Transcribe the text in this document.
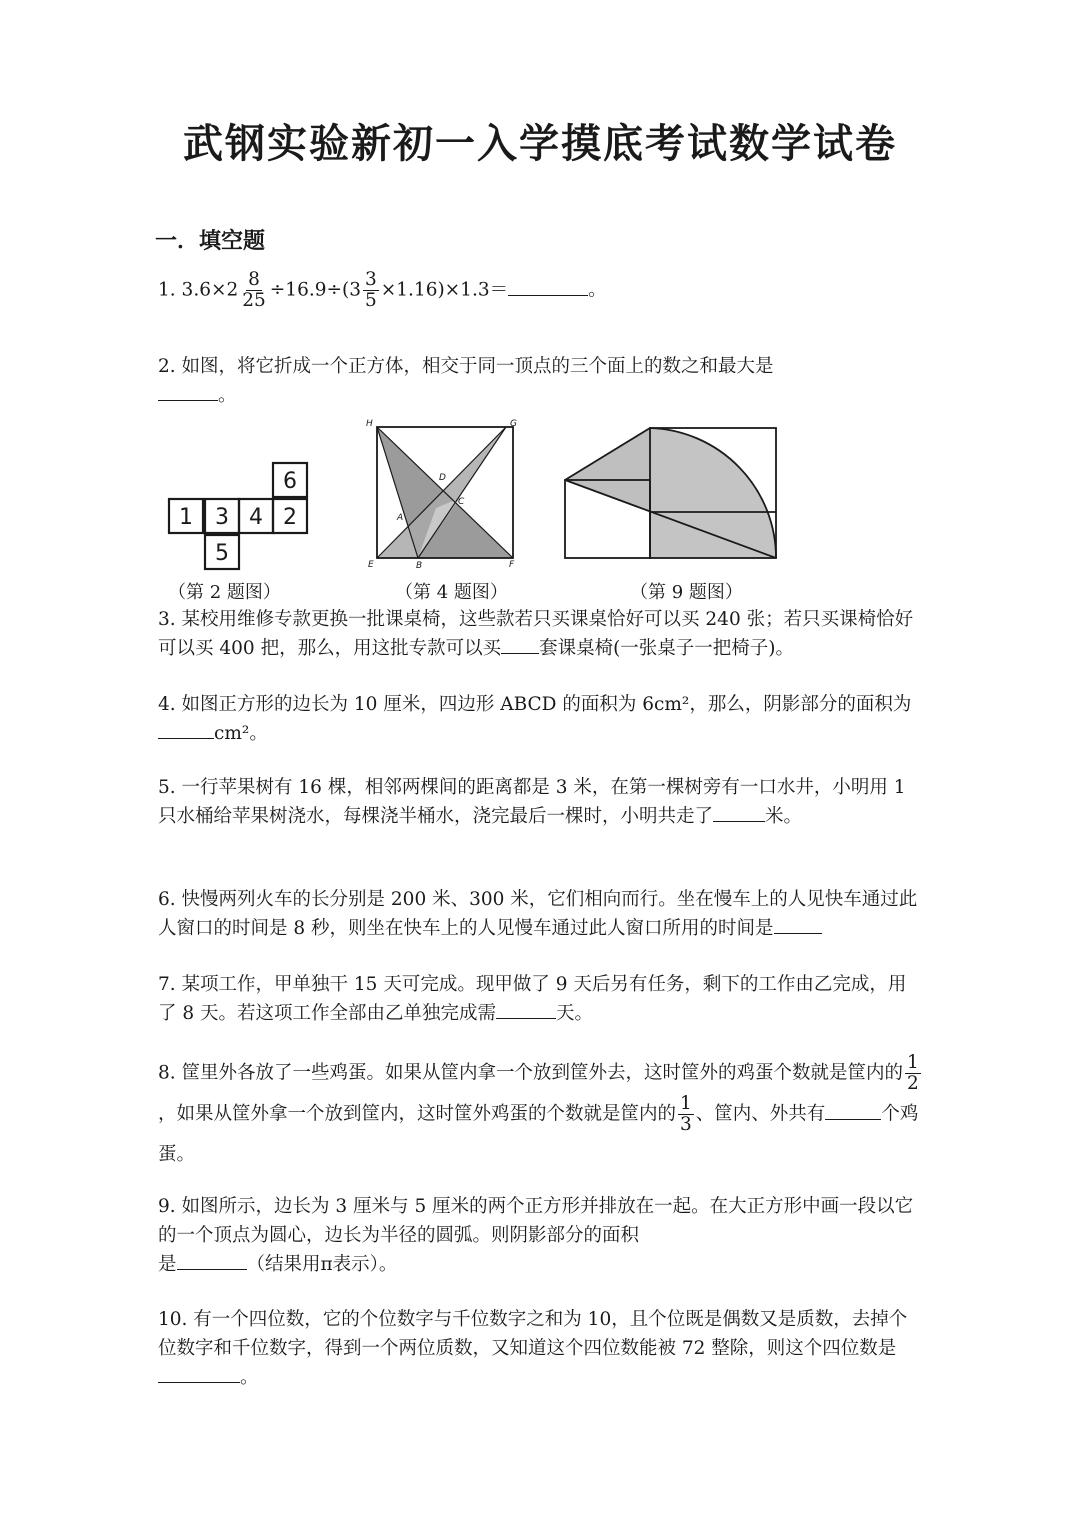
武钢实验新初一入学摸底考试数学试卷
一．填空题
1. $3.6\times 2 \frac{8}{25} \div 16.9\div(3 \frac{3}{5} \times 1.16)\times 1.3=$	。
2. 如图，将它折成一个正方体，相交于同一顶点的三个面上的数之和最大是。
6
1 3 4 2
5
H	G
D
C
A
E	B	F
（第 2 题图）	（第 4 题图）	（第 9 题图）
3. 某校用维修专款更换一批课桌椅，这些款若只买课桌恰好可以买 240 张；若只买课椅恰好可以买 400 把，那么，用这批专款可以买 套课桌椅(一张桌子一把椅子)。
4. 如图正方形的边长为 10 厘米，四边形 ABCD 的面积为 6cm²，那么，阴影部分的面积为cm²。
5. 一行苹果树有 16 棵，相邻两棵间的距离都是 3 米，在第一棵树旁有一口水井，小明用 1 只水桶给苹果树浇水，每棵浇半桶水，浇完最后一棵时，小明共走了	米。
6. 快慢两列火车的长分别是 200 米、300 米，它们相向而行。坐在慢车上的人见快车通过此人窗口的时间是 8 秒，则坐在快车上的人见慢车通过此人窗口所用的时间是
7. 某项工作，甲单独干 15 天可完成。现甲做了 9 天后另有任务，剩下的工作由乙完成，用了 8 天。若这项工作全部由乙单独完成需	天。
8. 筐里外各放了一些鸡蛋。如果从筐内拿一个放到筐外去，这时筐外的鸡蛋个数就是筐内的 $\frac{1}{2}$
，如果从筐外拿一个放到筐内，这时筐外鸡蛋的个数就是筐内的 $\frac{1}{3}$ 、筐内、外共有	个鸡蛋。
9. 如图所示，边长为 3 厘米与 5 厘米的两个正方形并排放在一起。在大正方形中画一段以它的一个顶点为圆心，边长为半径的圆弧。则阴影部分的面积
是	（结果用π表示）。
10. 有一个四位数，它的个位数字与千位数字之和为 10，且个位既是偶数又是质数，去掉个位数字和千位数字，得到一个两位质数，又知道这个四位数能被 72 整除，则这个四位数是。
